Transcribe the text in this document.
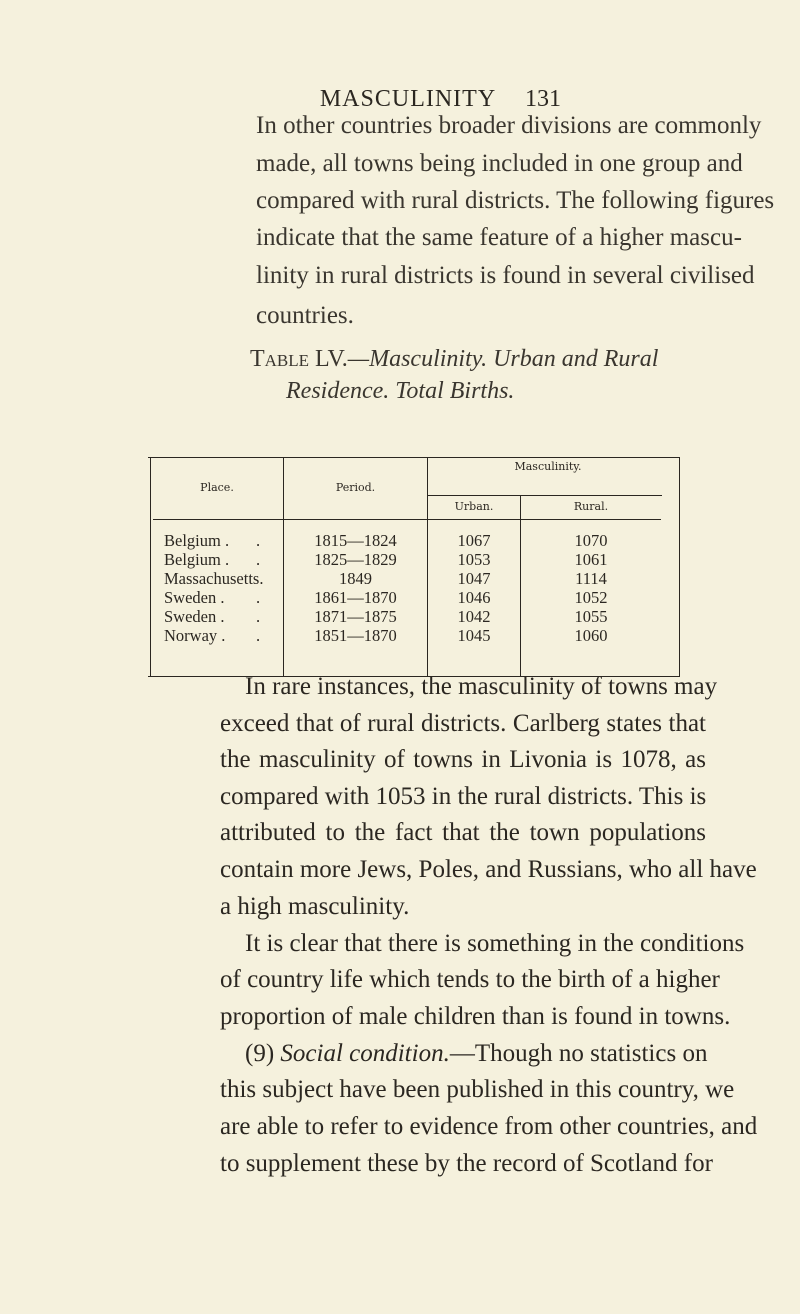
MASCULINITY	131
In other countries broader divisions are commonly
made, all towns being included in one group and
compared with rural districts. The following figures
indicate that the same feature of a higher mascu-
linity in rural districts is found in several civilised
countries.
Table LV.—Masculinity. Urban and Rural
Residence. Total Births.
Place.	Period.
Masculinity.
Urban.	Rural.
Belgium .	.	1815—1824	1067	1070
Belgium .	.	1825—1829	1053	1061
Massachusetts.	1849	1047	1114
Sweden .	.	1861—1870	1046	1052
Sweden .	.	1871—1875	1042	1055
Norway .	.	1851—1870	1045	1060
In rare instances, the masculinity of towns may
exceed that of rural districts. Carlberg states that
the masculinity of towns in Livonia is 1078, as
compared with 1053 in the rural districts. This is
attributed to the fact that the town populations
contain more Jews, Poles, and Russians, who all have
a high masculinity.
It is clear that there is something in the conditions
of country life which tends to the birth of a higher
proportion of male children than is found in towns.
(9) Social condition.—Though no statistics on
this subject have been published in this country, we
are able to refer to evidence from other countries, and
to supplement these by the record of Scotland for
